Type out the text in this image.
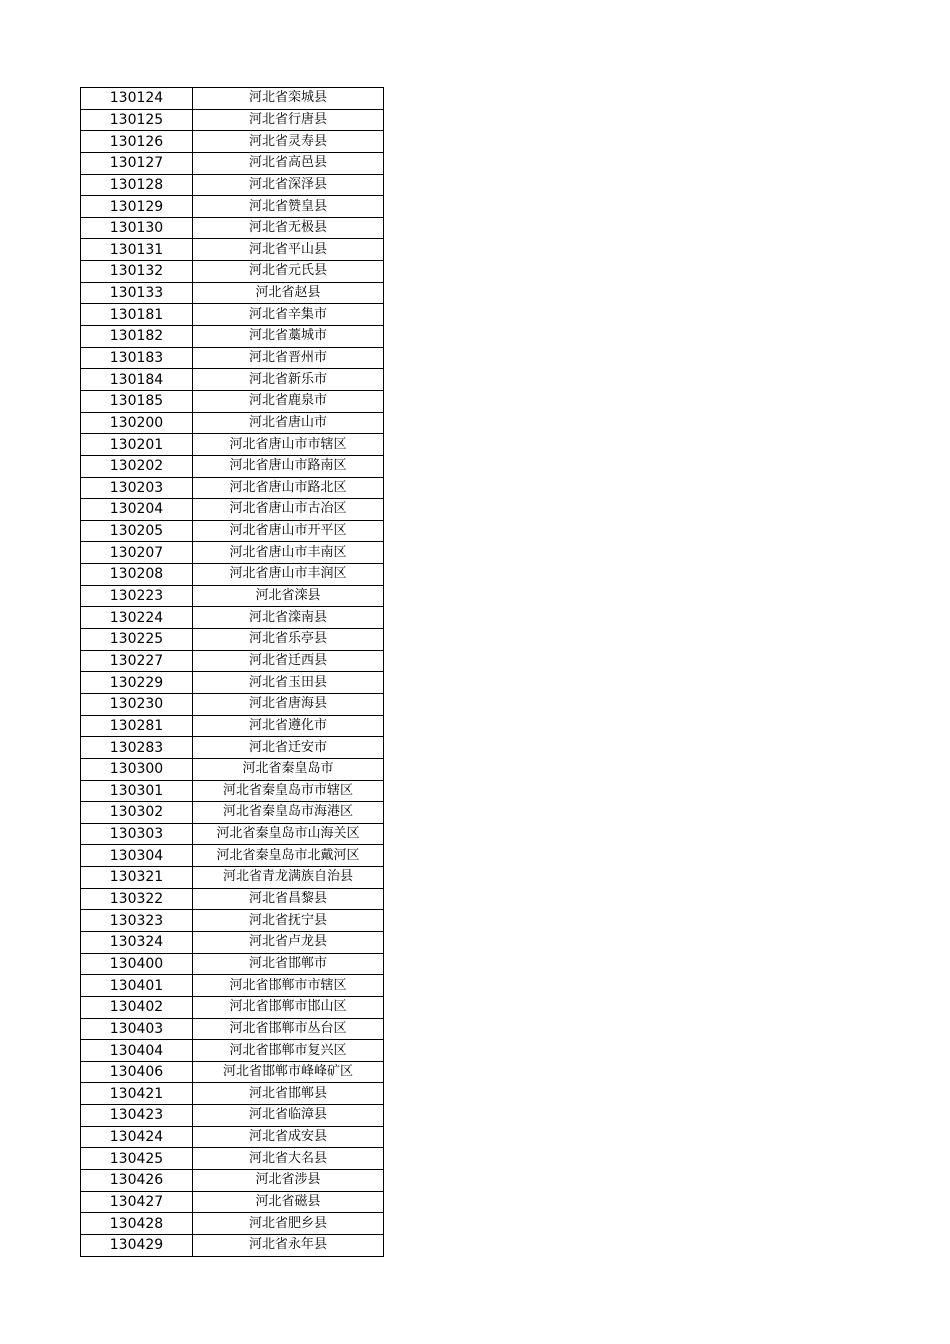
130124	河北省栾城县
130125	河北省行唐县
130126	河北省灵寿县
130127	河北省高邑县
130128	河北省深泽县
130129	河北省赞皇县
130130	河北省无极县
130131	河北省平山县
130132	河北省元氏县
130133	河北省赵县
130181	河北省辛集市
130182	河北省藁城市
130183	河北省晋州市
130184	河北省新乐市
130185	河北省鹿泉市
130200	河北省唐山市
130201	河北省唐山市市辖区
130202	河北省唐山市路南区
130203	河北省唐山市路北区
130204	河北省唐山市古冶区
130205	河北省唐山市开平区
130207	河北省唐山市丰南区
130208	河北省唐山市丰润区
130223	河北省滦县
130224	河北省滦南县
130225	河北省乐亭县
130227	河北省迁西县
130229	河北省玉田县
130230	河北省唐海县
130281	河北省遵化市
130283	河北省迁安市
130300	河北省秦皇岛市
130301	河北省秦皇岛市市辖区
130302	河北省秦皇岛市海港区
130303	河北省秦皇岛市山海关区
130304	河北省秦皇岛市北戴河区
130321	河北省青龙满族自治县
130322	河北省昌黎县
130323	河北省抚宁县
130324	河北省卢龙县
130400	河北省邯郸市
130401	河北省邯郸市市辖区
130402	河北省邯郸市邯山区
130403	河北省邯郸市丛台区
130404	河北省邯郸市复兴区
130406	河北省邯郸市峰峰矿区
130421	河北省邯郸县
130423	河北省临漳县
130424	河北省成安县
130425	河北省大名县
130426	河北省涉县
130427	河北省磁县
130428	河北省肥乡县
130429	河北省永年县
